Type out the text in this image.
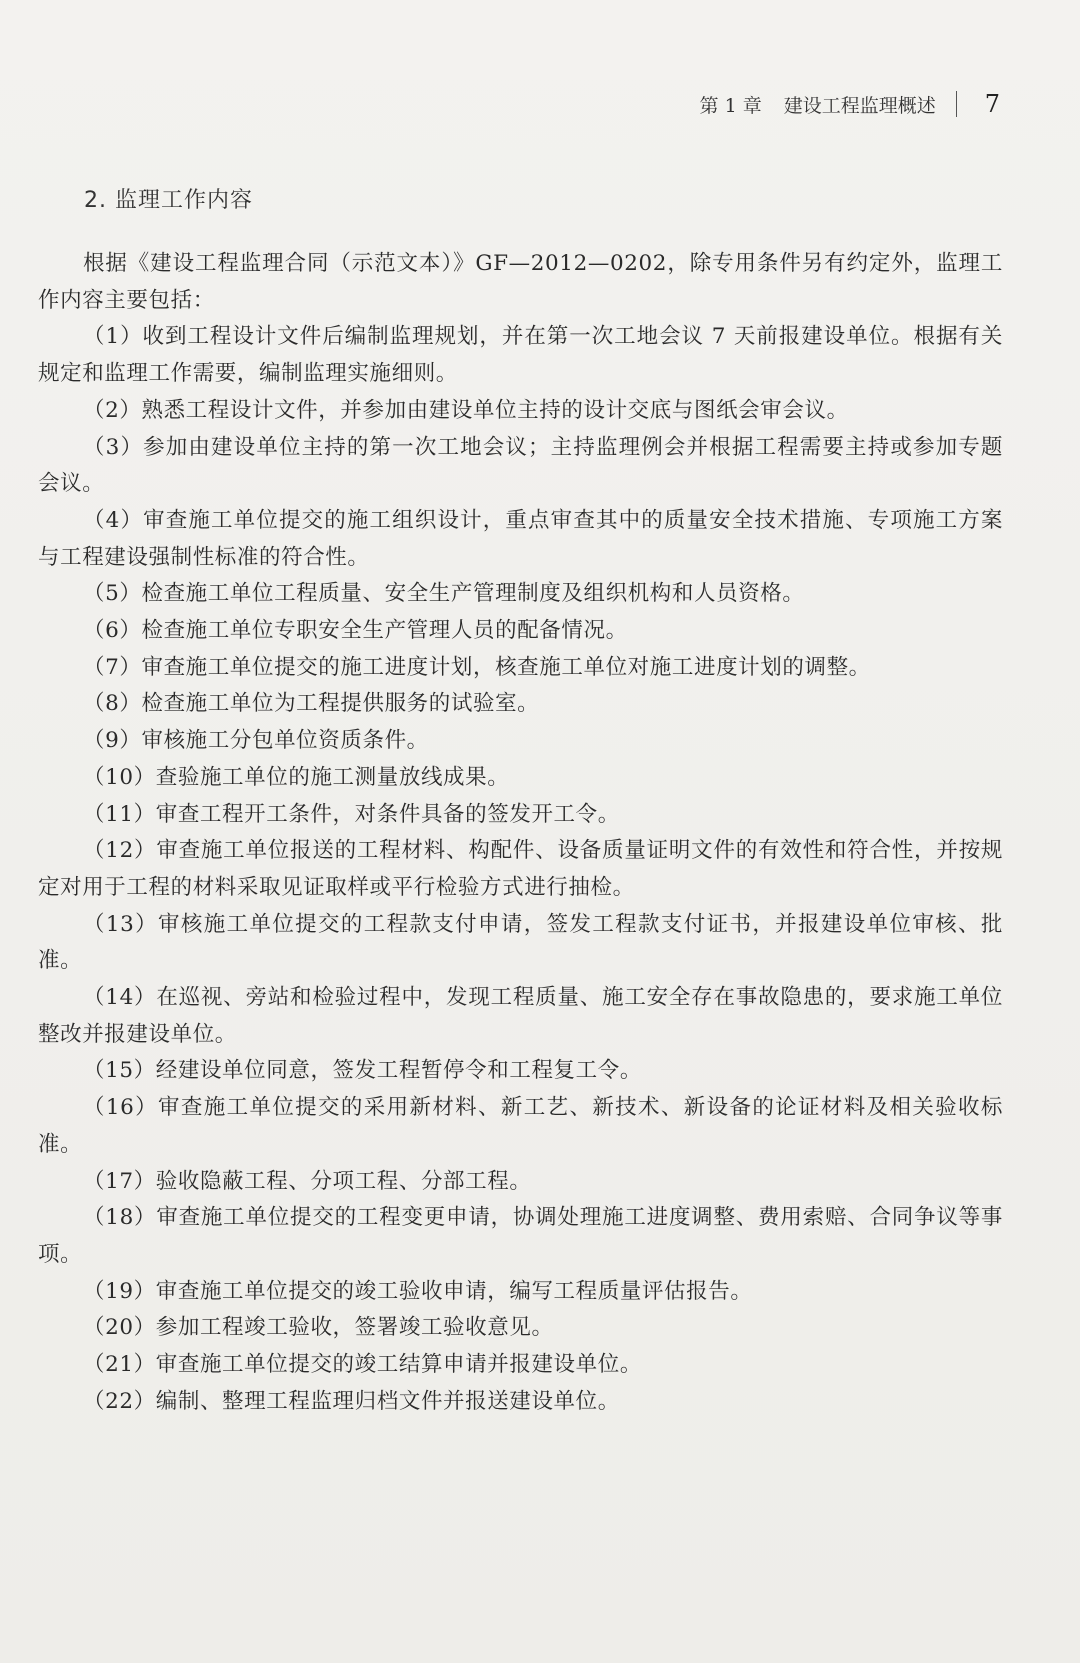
第 1 章 建设工程监理概述 7
2. 监理工作内容

根据《建设工程监理合同（示范文本）》GF—2012—0202，除专用条件另有约定外，监理工作内容主要包括：

（1）收到工程设计文件后编制监理规划，并在第一次工地会议 7 天前报建设单位。根据有关规定和监理工作需要，编制监理实施细则。

（2）熟悉工程设计文件，并参加由建设单位主持的设计交底与图纸会审会议。

（3）参加由建设单位主持的第一次工地会议；主持监理例会并根据工程需要主持或参加专题会议。

（4）审查施工单位提交的施工组织设计，重点审查其中的质量安全技术措施、专项施工方案与工程建设强制性标准的符合性。

（5）检查施工单位工程质量、安全生产管理制度及组织机构和人员资格。

（6）检查施工单位专职安全生产管理人员的配备情况。

（7）审查施工单位提交的施工进度计划，核查施工单位对施工进度计划的调整。

（8）检查施工单位为工程提供服务的试验室。

（9）审核施工分包单位资质条件。

（10）查验施工单位的施工测量放线成果。

（11）审查工程开工条件，对条件具备的签发开工令。

（12）审查施工单位报送的工程材料、构配件、设备质量证明文件的有效性和符合性，并按规定对用于工程的材料采取见证取样或平行检验方式进行抽检。

（13）审核施工单位提交的工程款支付申请，签发工程款支付证书，并报建设单位审核、批准。

（14）在巡视、旁站和检验过程中，发现工程质量、施工安全存在事故隐患的，要求施工单位整改并报建设单位。

（15）经建设单位同意，签发工程暂停令和工程复工令。

（16）审查施工单位提交的采用新材料、新工艺、新技术、新设备的论证材料及相关验收标准。

（17）验收隐蔽工程、分项工程、分部工程。

（18）审查施工单位提交的工程变更申请，协调处理施工进度调整、费用索赔、合同争议等事项。

（19）审查施工单位提交的竣工验收申请，编写工程质量评估报告。

（20）参加工程竣工验收，签署竣工验收意见。

（21）审查施工单位提交的竣工结算申请并报建设单位。

（22）编制、整理工程监理归档文件并报送建设单位。
